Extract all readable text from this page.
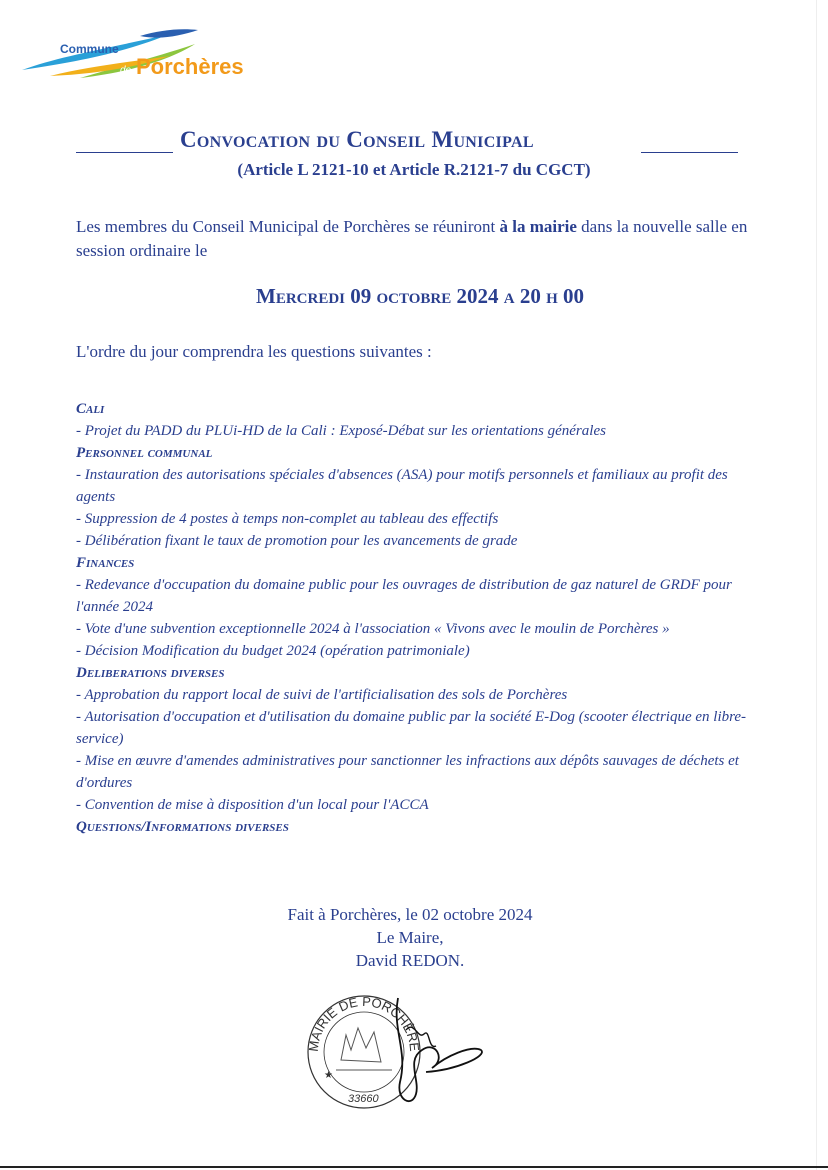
Commune
de Porchères
Convocation du Conseil Municipal
(Article L 2121-10 et Article R.2121-7 du CGCT)
Les membres du Conseil Municipal de Porchères se réuniront à la mairie dans la nouvelle salle en session ordinaire le
Mercredi 09 octobre 2024 a 20 h 00
L'ordre du jour comprendra les questions suivantes :
Cali
- Projet du PADD du PLUi-HD de la Cali : Exposé-Débat sur les orientations générales
Personnel communal
- Instauration des autorisations spéciales d'absences (ASA) pour motifs personnels et familiaux au profit des agents
- Suppression de 4 postes à temps non-complet au tableau des effectifs
- Délibération fixant le taux de promotion pour les avancements de grade
Finances
- Redevance d'occupation du domaine public pour les ouvrages de distribution de gaz naturel de GRDF pour l'année 2024
- Vote d'une subvention exceptionnelle 2024 à l'association « Vivons avec le moulin de Porchères »
- Décision Modification du budget 2024 (opération patrimoniale)
Deliberations diverses
- Approbation du rapport local de suivi de l'artificialisation des sols de Porchères
- Autorisation d'occupation et d'utilisation du domaine public par la société E-Dog (scooter électrique en libre-service)
- Mise en œuvre d'amendes administratives pour sanctionner les infractions aux dépôts sauvages de déchets et d'ordures
- Convention de mise à disposition d'un local pour l'ACCA
Questions/Informations diverses
Fait à Porchères, le 02 octobre 2024
Le Maire,
David REDON.
MAIRIE DE PORCHÈRE
★
33660
